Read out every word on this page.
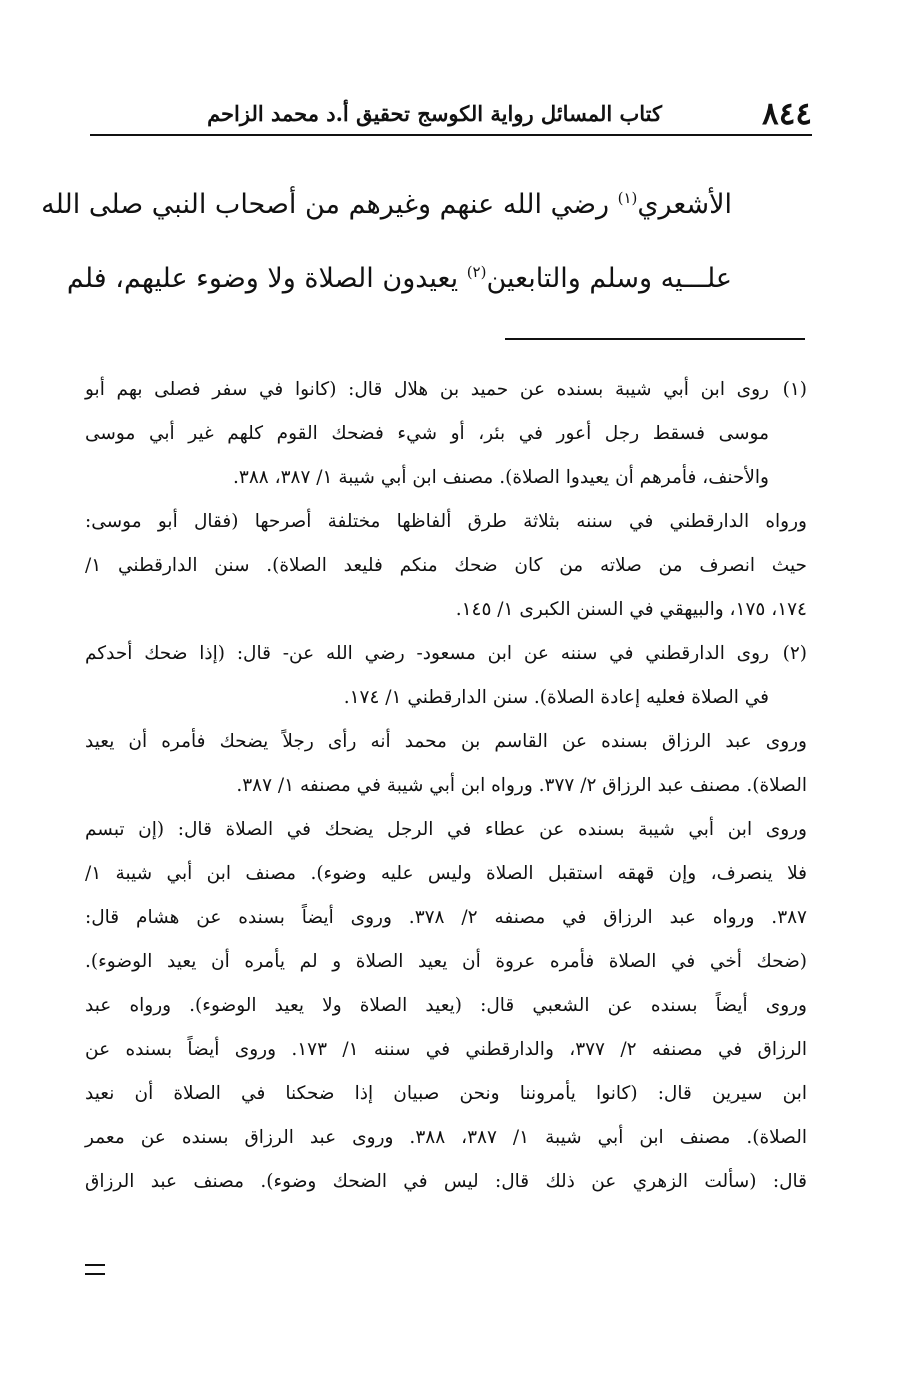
٨٤٤
كتاب المسائل رواية الكوسج تحقيق أ.د محمد الزاحم
الأشعري$^{(١)}$ رضي الله عنهم وغيرهم من أصحاب النبي صلى الله
علـــيه وسلم والتابعين$^{(٢)}$ يعيدون الصلاة ولا وضوء عليهم، فلم
(١)روى ابن أبي شيبة بسنده عن حميد بن هلال قال: (كانوا في سفر فصلى بهم أبو
موسى فسقط رجل أعور في بئر، أو شيء فضحك القوم كلهم غير أبي موسى
والأحنف، فأمرهم أن يعيدوا الصلاة). مصنف ابن أبي شيبة ١/ ٣٨٧، ٣٨٨.
ورواه الدارقطني في سننه بثلاثة طرق ألفاظها مختلفة أصرحها (فقال أبو موسى:
حيث انصرف من صلاته من كان ضحك منكم فليعد الصلاة). سنن الدارقطني ١/
١٧٤، ١٧٥، والبيهقي في السنن الكبرى ١/ ١٤٥.
(٢)روى الدارقطني في سننه عن ابن مسعود- رضي الله عن- قال: (إذا ضحك أحدكم
في الصلاة فعليه إعادة الصلاة). سنن الدارقطني ١/ ١٧٤.
وروى عبد الرزاق بسنده عن القاسم بن محمد أنه رأى رجلاً يضحك فأمره أن يعيد
الصلاة). مصنف عبد الرزاق ٢/ ٣٧٧. ورواه ابن أبي شيبة في مصنفه ١/ ٣٨٧.
وروى ابن أبي شيبة بسنده عن عطاء في الرجل يضحك في الصلاة قال: (إن تبسم
فلا ينصرف، وإن قهقه استقبل الصلاة وليس عليه وضوء). مصنف ابن أبي شيبة ١/
٣٨٧. ورواه عبد الرزاق في مصنفه ٢/ ٣٧٨. وروى أيضاً بسنده عن هشام قال:
(ضحك أخي في الصلاة فأمره عروة أن يعيد الصلاة و لم يأمره أن يعيد الوضوء).
وروى أيضاً بسنده عن الشعبي قال: (يعيد الصلاة ولا يعيد الوضوء). ورواه عبد
الرزاق في مصنفه ٢/ ٣٧٧، والدارقطني في سننه ١/ ١٧٣. وروى أيضاً بسنده عن
ابن سيرين قال: (كانوا يأمروننا ونحن صبيان إذا ضحكنا في الصلاة أن نعيد
الصلاة). مصنف ابن أبي شيبة ١/ ٣٨٧، ٣٨٨. وروى عبد الرزاق بسنده عن معمر
قال: (سألت الزهري عن ذلك قال: ليس في الضحك وضوء). مصنف عبد الرزاق
